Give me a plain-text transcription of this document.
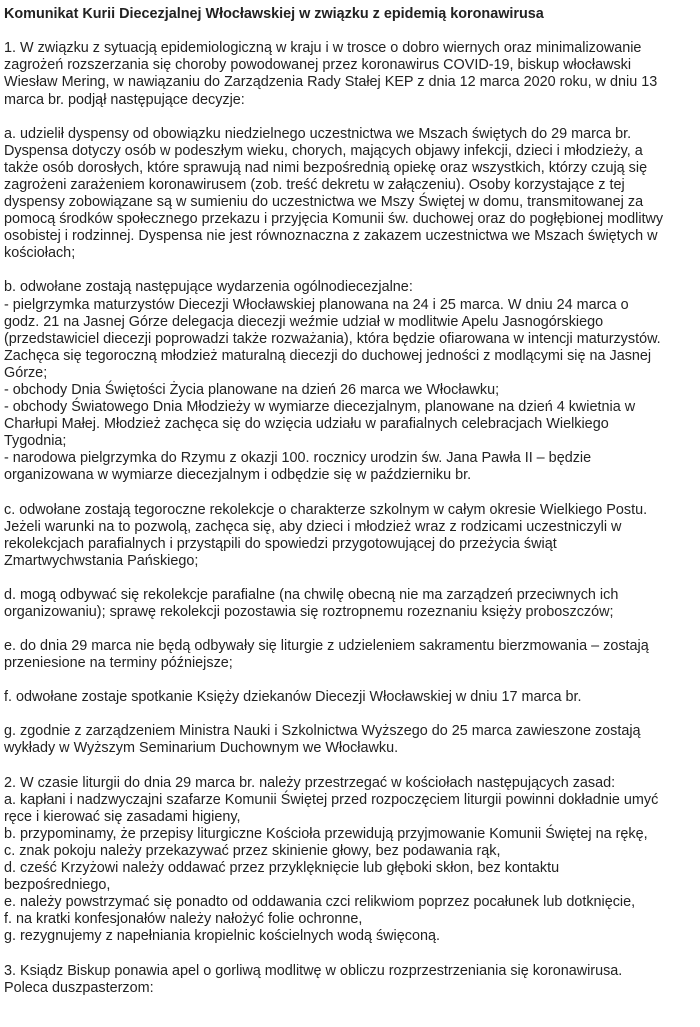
Komunikat Kurii Diecezjalnej Włocławskiej w związku z epidemią koronawirusa
1. W związku z sytuacją epidemiologiczną w kraju i w trosce o dobro wiernych oraz minimalizowanie
zagrożeń rozszerzania się choroby powodowanej przez koronawirus COVID-19, biskup włocławski
Wiesław Mering, w nawiązaniu do Zarządzenia Rady Stałej KEP z dnia 12 marca 2020 roku, w dniu 13
marca br. podjął następujące decyzje:
a. udzielił dyspensy od obowiązku niedzielnego uczestnictwa we Mszach świętych do 29 marca br.
Dyspensa dotyczy osób w podeszłym wieku, chorych, mających objawy infekcji, dzieci i młodzieży, a
także osób dorosłych, które sprawują nad nimi bezpośrednią opiekę oraz wszystkich, którzy czują się
zagrożeni zarażeniem koronawirusem (zob. treść dekretu w załączeniu). Osoby korzystające z tej
dyspensy zobowiązane są w sumieniu do uczestnictwa we Mszy Świętej w domu, transmitowanej za
pomocą środków społecznego przekazu i przyjęcia Komunii św. duchowej oraz do pogłębionej modlitwy
osobistej i rodzinnej. Dyspensa nie jest równoznaczna z zakazem uczestnictwa we Mszach świętych w
kościołach;
b. odwołane zostają następujące wydarzenia ogólnodiecezjalne:
- pielgrzymka maturzystów Diecezji Włocławskiej planowana na 24 i 25 marca. W dniu 24 marca o
godz. 21 na Jasnej Górze delegacja diecezji weźmie udział w modlitwie Apelu Jasnogórskiego
(przedstawiciel diecezji poprowadzi także rozważania), która będzie ofiarowana w intencji maturzystów.
Zachęca się tegoroczną młodzież maturalną diecezji do duchowej jedności z modlącymi się na Jasnej
Górze;
- obchody Dnia Świętości Życia planowane na dzień 26 marca we Włocławku;
- obchody Światowego Dnia Młodzieży w wymiarze diecezjalnym, planowane na dzień 4 kwietnia w
Charłupi Małej. Młodzież zachęca się do wzięcia udziału w parafialnych celebracjach Wielkiego
Tygodnia;
- narodowa pielgrzymka do Rzymu z okazji 100. rocznicy urodzin św. Jana Pawła II – będzie
organizowana w wymiarze diecezjalnym i odbędzie się w październiku br.
c. odwołane zostają tegoroczne rekolekcje o charakterze szkolnym w całym okresie Wielkiego Postu.
Jeżeli warunki na to pozwolą, zachęca się, aby dzieci i młodzież wraz z rodzicami uczestniczyli w
rekolekcjach parafialnych i przystąpili do spowiedzi przygotowującej do przeżycia świąt
Zmartwychwstania Pańskiego;
d. mogą odbywać się rekolekcje parafialne (na chwilę obecną nie ma zarządzeń przeciwnych ich
organizowaniu); sprawę rekolekcji pozostawia się roztropnemu rozeznaniu księży proboszczów;
e. do dnia 29 marca nie będą odbywały się liturgie z udzieleniem sakramentu bierzmowania – zostają
przeniesione na terminy późniejsze;
f. odwołane zostaje spotkanie Księży dziekanów Diecezji Włocławskiej w dniu 17 marca br.
g. zgodnie z zarządzeniem Ministra Nauki i Szkolnictwa Wyższego do 25 marca zawieszone zostają
wykłady w Wyższym Seminarium Duchownym we Włocławku.
2. W czasie liturgii do dnia 29 marca br. należy przestrzegać w kościołach następujących zasad:
a. kapłani i nadzwyczajni szafarze Komunii Świętej przed rozpoczęciem liturgii powinni dokładnie umyć
ręce i kierować się zasadami higieny,
b. przypominamy, że przepisy liturgiczne Kościoła przewidują przyjmowanie Komunii Świętej na rękę,
c. znak pokoju należy przekazywać przez skinienie głowy, bez podawania rąk,
d. cześć Krzyżowi należy oddawać przez przyklęknięcie lub głęboki skłon, bez kontaktu
bezpośredniego,
e. należy powstrzymać się ponadto od oddawania czci relikwiom poprzez pocałunek lub dotknięcie,
f. na kratki konfesjonałów należy nałożyć folie ochronne,
g. rezygnujemy z napełniania kropielnic kościelnych wodą święconą.
3. Ksiądz Biskup ponawia apel o gorliwą modlitwę w obliczu rozprzestrzeniania się koronawirusa.
Poleca duszpasterzom:
